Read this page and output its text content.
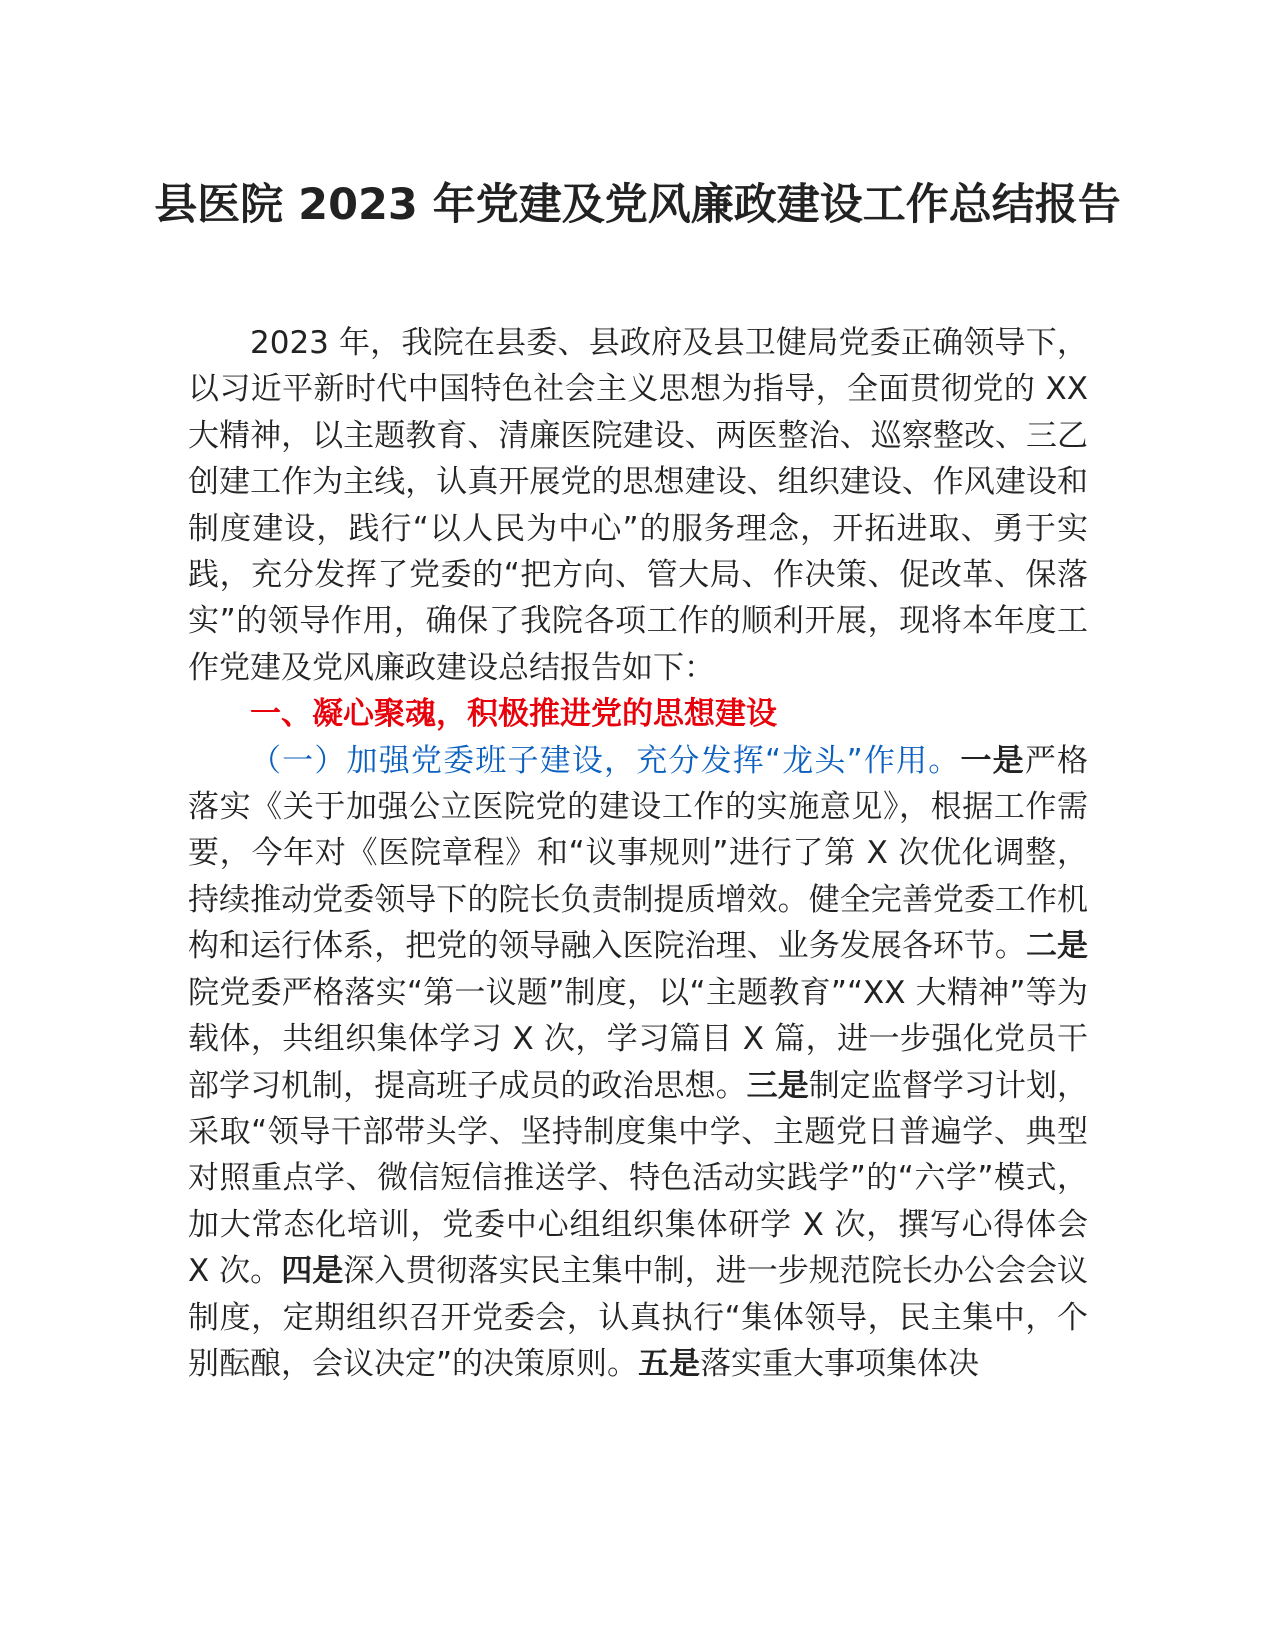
县医院 2023 年党建及党风廉政建设工作总结报告

2023 年，我院在县委、县政府及县卫健局党委正确领导下，以习近平新时代中国特色社会主义思想为指导，全面贯彻党的 XX 大精神，以主题教育、清廉医院建设、两医整治、巡察整改、三乙创建工作为主线，认真开展党的思想建设、组织建设、作风建设和制度建设，践行“以人民为中心”的服务理念，开拓进取、勇于实践，充分发挥了党委的“把方向、管大局、作决策、促改革、保落实”的领导作用，确保了我院各项工作的顺利开展，现将本年度工作党建及党风廉政建设总结报告如下：

一、凝心聚魂，积极推进党的思想建设

（一）加强党委班子建设，充分发挥“龙头”作用。一是严格落实《关于加强公立医院党的建设工作的实施意见》，根据工作需要，今年对《医院章程》和“议事规则”进行了第 X 次优化调整，持续推动党委领导下的院长负责制提质增效。健全完善党委工作机构和运行体系，把党的领导融入医院治理、业务发展各环节。二是院党委严格落实“第一议题”制度，以“主题教育”“XX 大精神”等为载体，共组织集体学习 X 次，学习篇目 X 篇，进一步强化党员干部学习机制，提高班子成员的政治思想。三是制定监督学习计划，采取“领导干部带头学、坚持制度集中学、主题党日普遍学、典型对照重点学、微信短信推送学、特色活动实践学”的“六学”模式，加大常态化培训，党委中心组组织集体研学 X 次，撰写心得体会 X 次。四是深入贯彻落实民主集中制，进一步规范院长办公会会议制度，定期组织召开党委会，认真执行“集体领导，民主集中，个别酝酿，会议决定”的决策原则。五是落实重大事项集体决
